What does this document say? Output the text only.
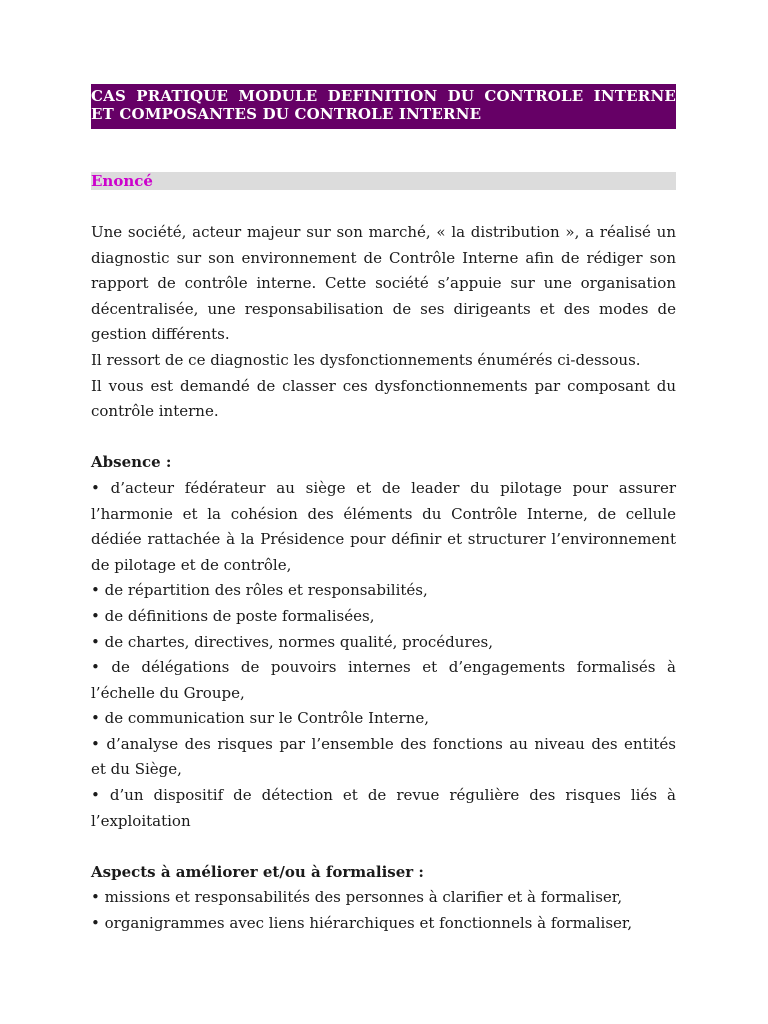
CAS PRATIQUE MODULE DEFINITION DU CONTROLE INTERNE
ET COMPOSANTES DU CONTROLE INTERNE
Enoncé

Une société, acteur majeur sur son marché, « la distribution », a réalisé un diagnostic sur son environnement de Contrôle Interne afin de rédiger son rapport de contrôle interne. Cette société s’appuie sur une organisation décentralisée, une responsabilisation de ses dirigeants et des modes de gestion différents.

Il ressort de ce diagnostic les dysfonctionnements énumérés ci-dessous.

Il vous est demandé de classer ces dysfonctionnements par composant du contrôle interne.

Absence :

• d’acteur fédérateur au siège et de leader du pilotage pour assurer l’harmonie et la cohésion des éléments du Contrôle Interne, de cellule dédiée rattachée à la Présidence pour définir et structurer l’environnement de pilotage et de contrôle,

• de répartition des rôles et responsabilités,

• de définitions de poste formalisées,

• de chartes, directives, normes qualité, procédures,

• de délégations de pouvoirs internes et d’engagements formalisés à l’échelle du Groupe,

• de communication sur le Contrôle Interne,

• d’analyse des risques par l’ensemble des fonctions au niveau des entités et du Siège,

• d’un dispositif de détection et de revue régulière des risques liés à l’exploitation

Aspects à améliorer et/ou à formaliser :

• missions et responsabilités des personnes à clarifier et à formaliser,

• organigrammes avec liens hiérarchiques et fonctionnels à formaliser,
